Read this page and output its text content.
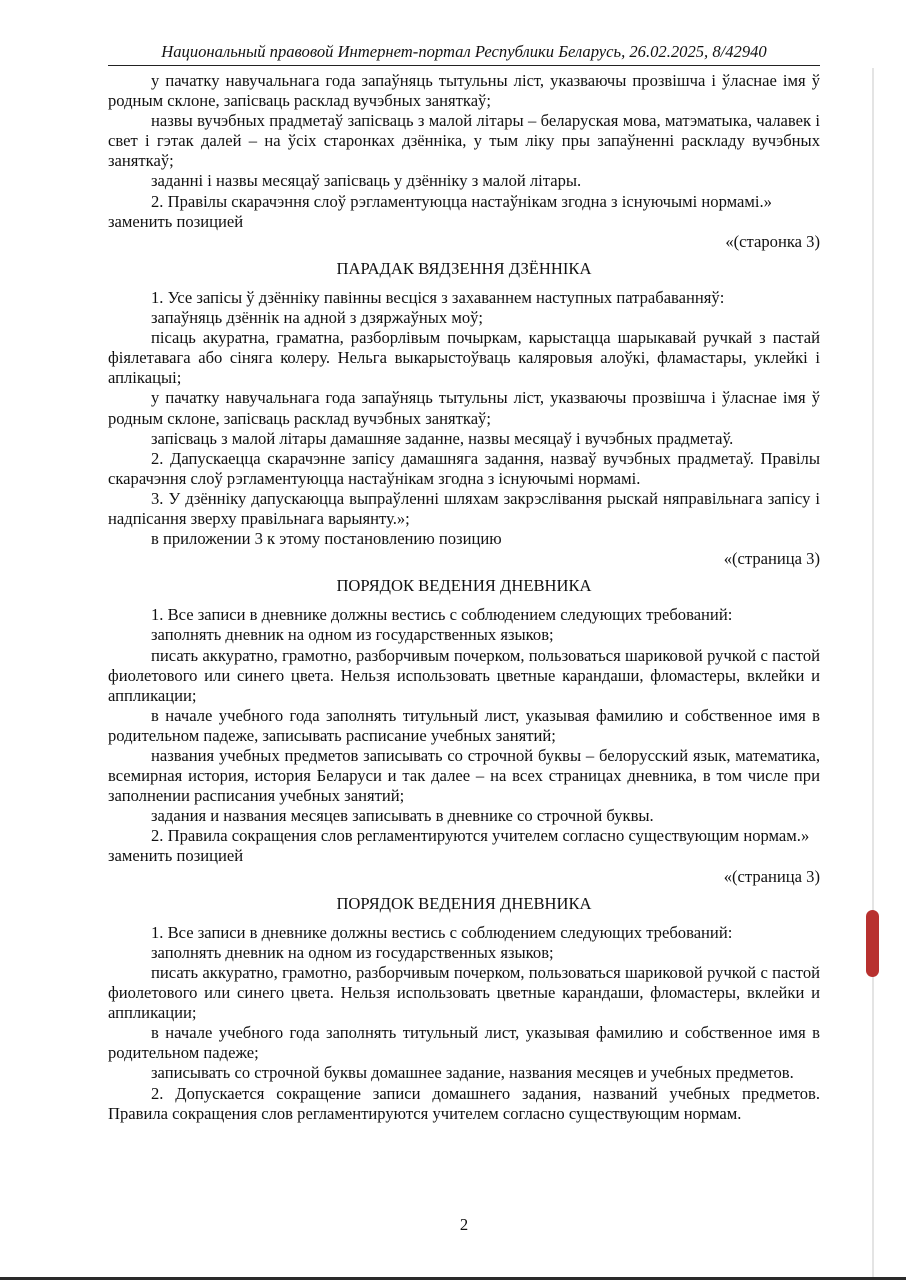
Национальный правовой Интернет-портал Республики Беларусь, 26.02.2025, 8/42940

у пачатку навучальнага года запаўняць тытульны ліст, указваючы прозвішча і ўласнае імя ў родным склоне, запісваць расклад вучэбных заняткаў;

назвы вучэбных прадметаў запісваць з малой літары – беларуская мова, матэматыка, чалавек і свет і гэтак далей – на ўсіх старонках дзённіка, у тым ліку пры запаўненні раскладу вучэбных заняткаў;

заданні і назвы месяцаў запісваць у дзённіку з малой літары.

2. Правілы скарачэння слоў рэгламентуюцца настаўнікам згодна з існуючымі нормамі.»

заменить позицией

«(старонка 3)

ПАРАДАК ВЯДЗЕННЯ ДЗЁННІКА

1. Усе запісы ў дзённіку павінны весціся з захаваннем наступных патрабаванняў:

запаўняць дзённік на адной з дзяржаўных моў;

пісаць акуратна, граматна, разборлівым почыркам, карыстацца шарыкавай ручкай з пастай фіялетавага або сіняга колеру. Нельга выкарыстоўваць каляровыя алоўкі, фламастары, уклейкі і аплікацыі;

у пачатку навучальнага года запаўняць тытульны ліст, указваючы прозвішча і ўласнае імя ў родным склоне, запісваць расклад вучэбных заняткаў;

запісваць з малой літары дамашняе заданне, назвы месяцаў і вучэбных прадметаў.

2. Дапускаецца скарачэнне запісу дамашняга задання, назваў вучэбных прадметаў. Правілы скарачэння слоў рэгламентуюцца настаўнікам згодна з існуючымі нормамі.

3. У дзённіку дапускаюцца выпраўленні шляхам закрэслівання рыскай няправільнага запісу і надпісання зверху правільнага варыянту.»;

в приложении 3 к этому постановлению позицию

«(страница 3)

ПОРЯДОК ВЕДЕНИЯ ДНЕВНИКА

1. Все записи в дневнике должны вестись с соблюдением следующих требований:

заполнять дневник на одном из государственных языков;

писать аккуратно, грамотно, разборчивым почерком, пользоваться шариковой ручкой с пастой фиолетового или синего цвета. Нельзя использовать цветные карандаши, фломастеры, вклейки и аппликации;

в начале учебного года заполнять титульный лист, указывая фамилию и собственное имя в родительном падеже, записывать расписание учебных занятий;

названия учебных предметов записывать со строчной буквы – белорусский язык, математика, всемирная история, история Беларуси и так далее – на всех страницах дневника, в том числе при заполнении расписания учебных занятий;

задания и названия месяцев записывать в дневнике со строчной буквы.

2. Правила сокращения слов регламентируются учителем согласно существующим нормам.»

заменить позицией

«(страница 3)

ПОРЯДОК ВЕДЕНИЯ ДНЕВНИКА

1. Все записи в дневнике должны вестись с соблюдением следующих требований:

заполнять дневник на одном из государственных языков;

писать аккуратно, грамотно, разборчивым почерком, пользоваться шариковой ручкой с пастой фиолетового или синего цвета. Нельзя использовать цветные карандаши, фломастеры, вклейки и аппликации;

в начале учебного года заполнять титульный лист, указывая фамилию и собственное имя в родительном падеже;

записывать со строчной буквы домашнее задание, названия месяцев и учебных предметов.

2. Допускается сокращение записи домашнего задания, названий учебных предметов. Правила сокращения слов регламентируются учителем согласно существующим нормам.

2
